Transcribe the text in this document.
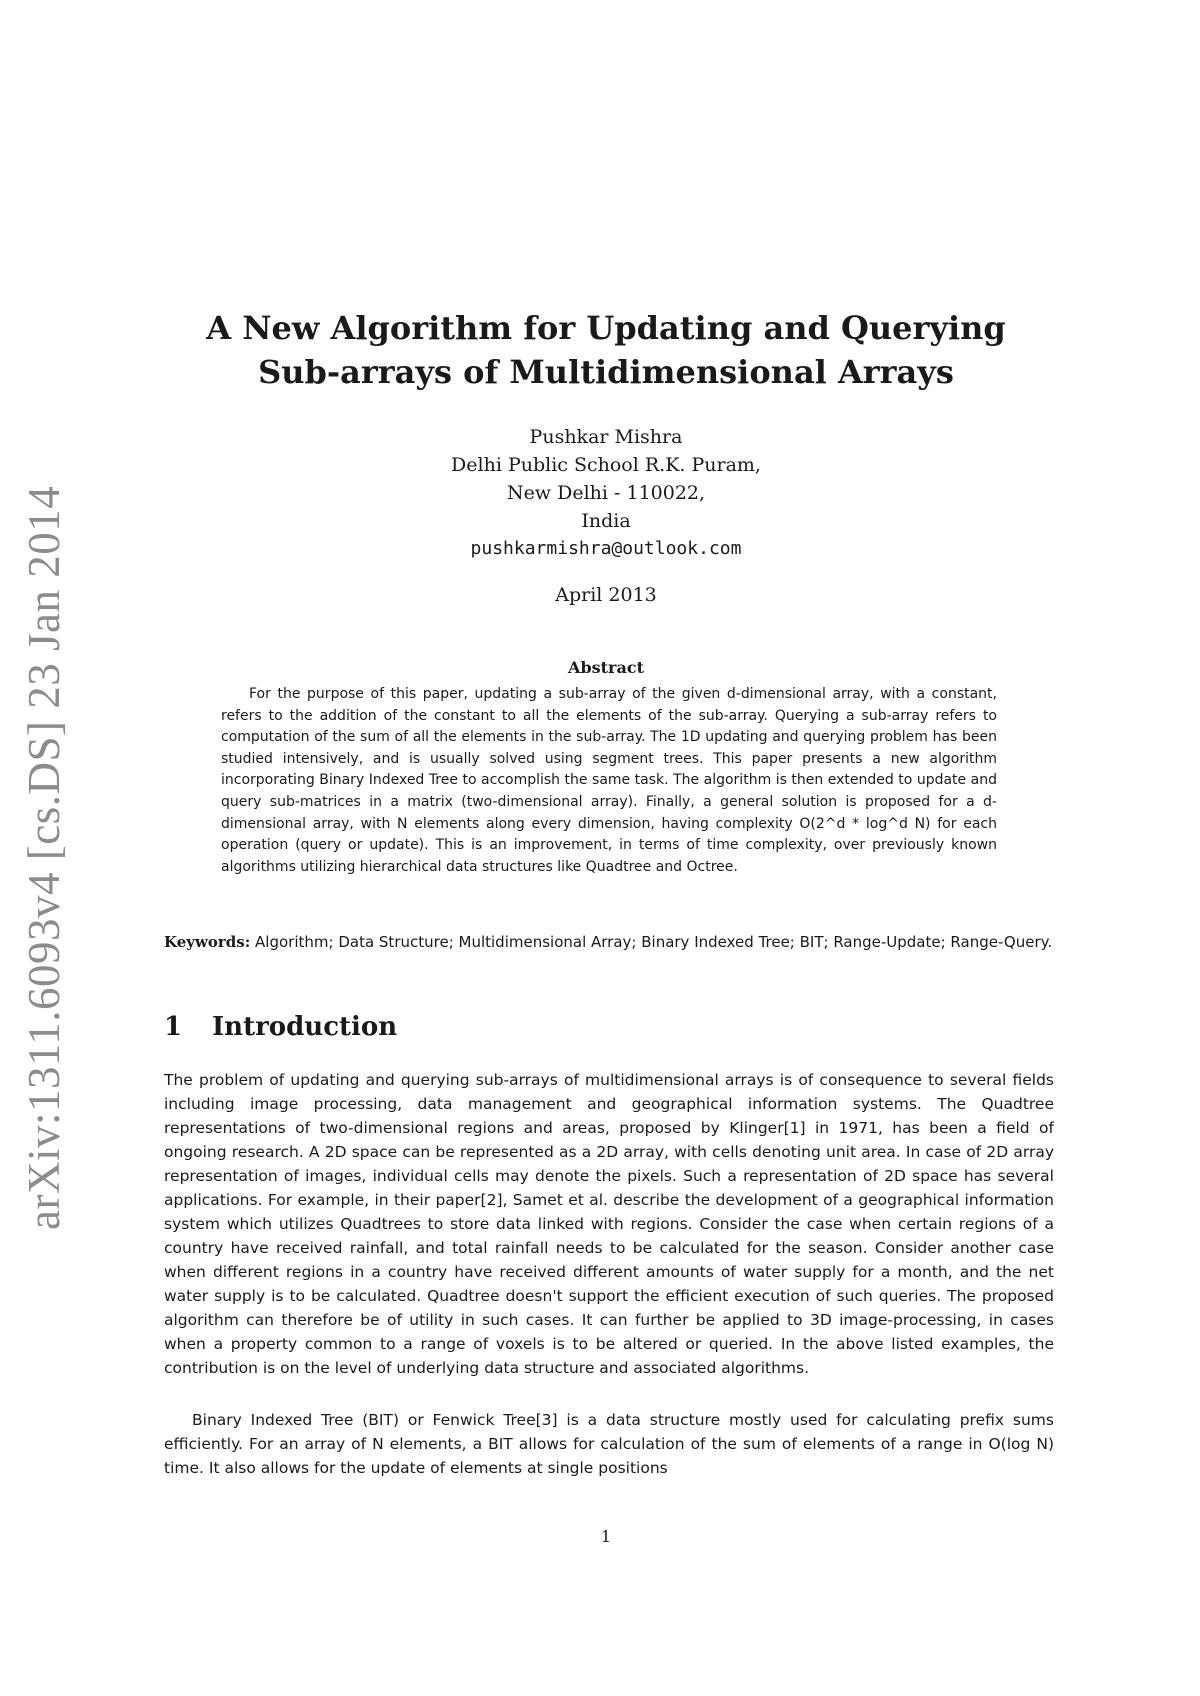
arXiv:1311.6093v4 [cs.DS] 23 Jan 2014
A New Algorithm for Updating and Querying
Sub-arrays of Multidimensional Arrays
Pushkar Mishra
Delhi Public School R.K. Puram,
New Delhi - 110022,
India
pushkarmishra@outlook.com
April 2013
Abstract
For the purpose of this paper, updating a sub-array of the given d-dimensional array, with a constant, refers to the addition of the constant to all the elements of the sub-array. Querying a sub-array refers to computation of the sum of all the elements in the sub-array. The 1D updating and querying problem has been studied intensively, and is usually solved using segment trees. This paper presents a new algorithm incorporating Binary Indexed Tree to accomplish the same task. The algorithm is then extended to update and query sub-matrices in a matrix (two-dimensional array). Finally, a general solution is proposed for a d-dimensional array, with N elements along every dimension, having complexity O(2^d * log^d N) for each operation (query or update). This is an improvement, in terms of time complexity, over previously known algorithms utilizing hierarchical data structures like Quadtree and Octree.
Keywords: Algorithm; Data Structure; Multidimensional Array; Binary Indexed Tree; BIT; Range-Update; Range-Query.
1 Introduction
The problem of updating and querying sub-arrays of multidimensional arrays is of consequence to several fields including image processing, data management and geographical information systems. The Quadtree representations of two-dimensional regions and areas, proposed by Klinger[1] in 1971, has been a field of ongoing research. A 2D space can be represented as a 2D array, with cells denoting unit area. In case of 2D array representation of images, individual cells may denote the pixels. Such a representation of 2D space has several applications. For example, in their paper[2], Samet et al. describe the development of a geographical information system which utilizes Quadtrees to store data linked with regions. Consider the case when certain regions of a country have received rainfall, and total rainfall needs to be calculated for the season. Consider another case when different regions in a country have received different amounts of water supply for a month, and the net water supply is to be calculated. Quadtree doesn't support the efficient execution of such queries. The proposed algorithm can therefore be of utility in such cases. It can further be applied to 3D image-processing, in cases when a property common to a range of voxels is to be altered or queried. In the above listed examples, the contribution is on the level of underlying data structure and associated algorithms.
Binary Indexed Tree (BIT) or Fenwick Tree[3] is a data structure mostly used for calculating prefix sums efficiently. For an array of N elements, a BIT allows for calculation of the sum of elements of a range in O(log N) time. It also allows for the update of elements at single positions
1
